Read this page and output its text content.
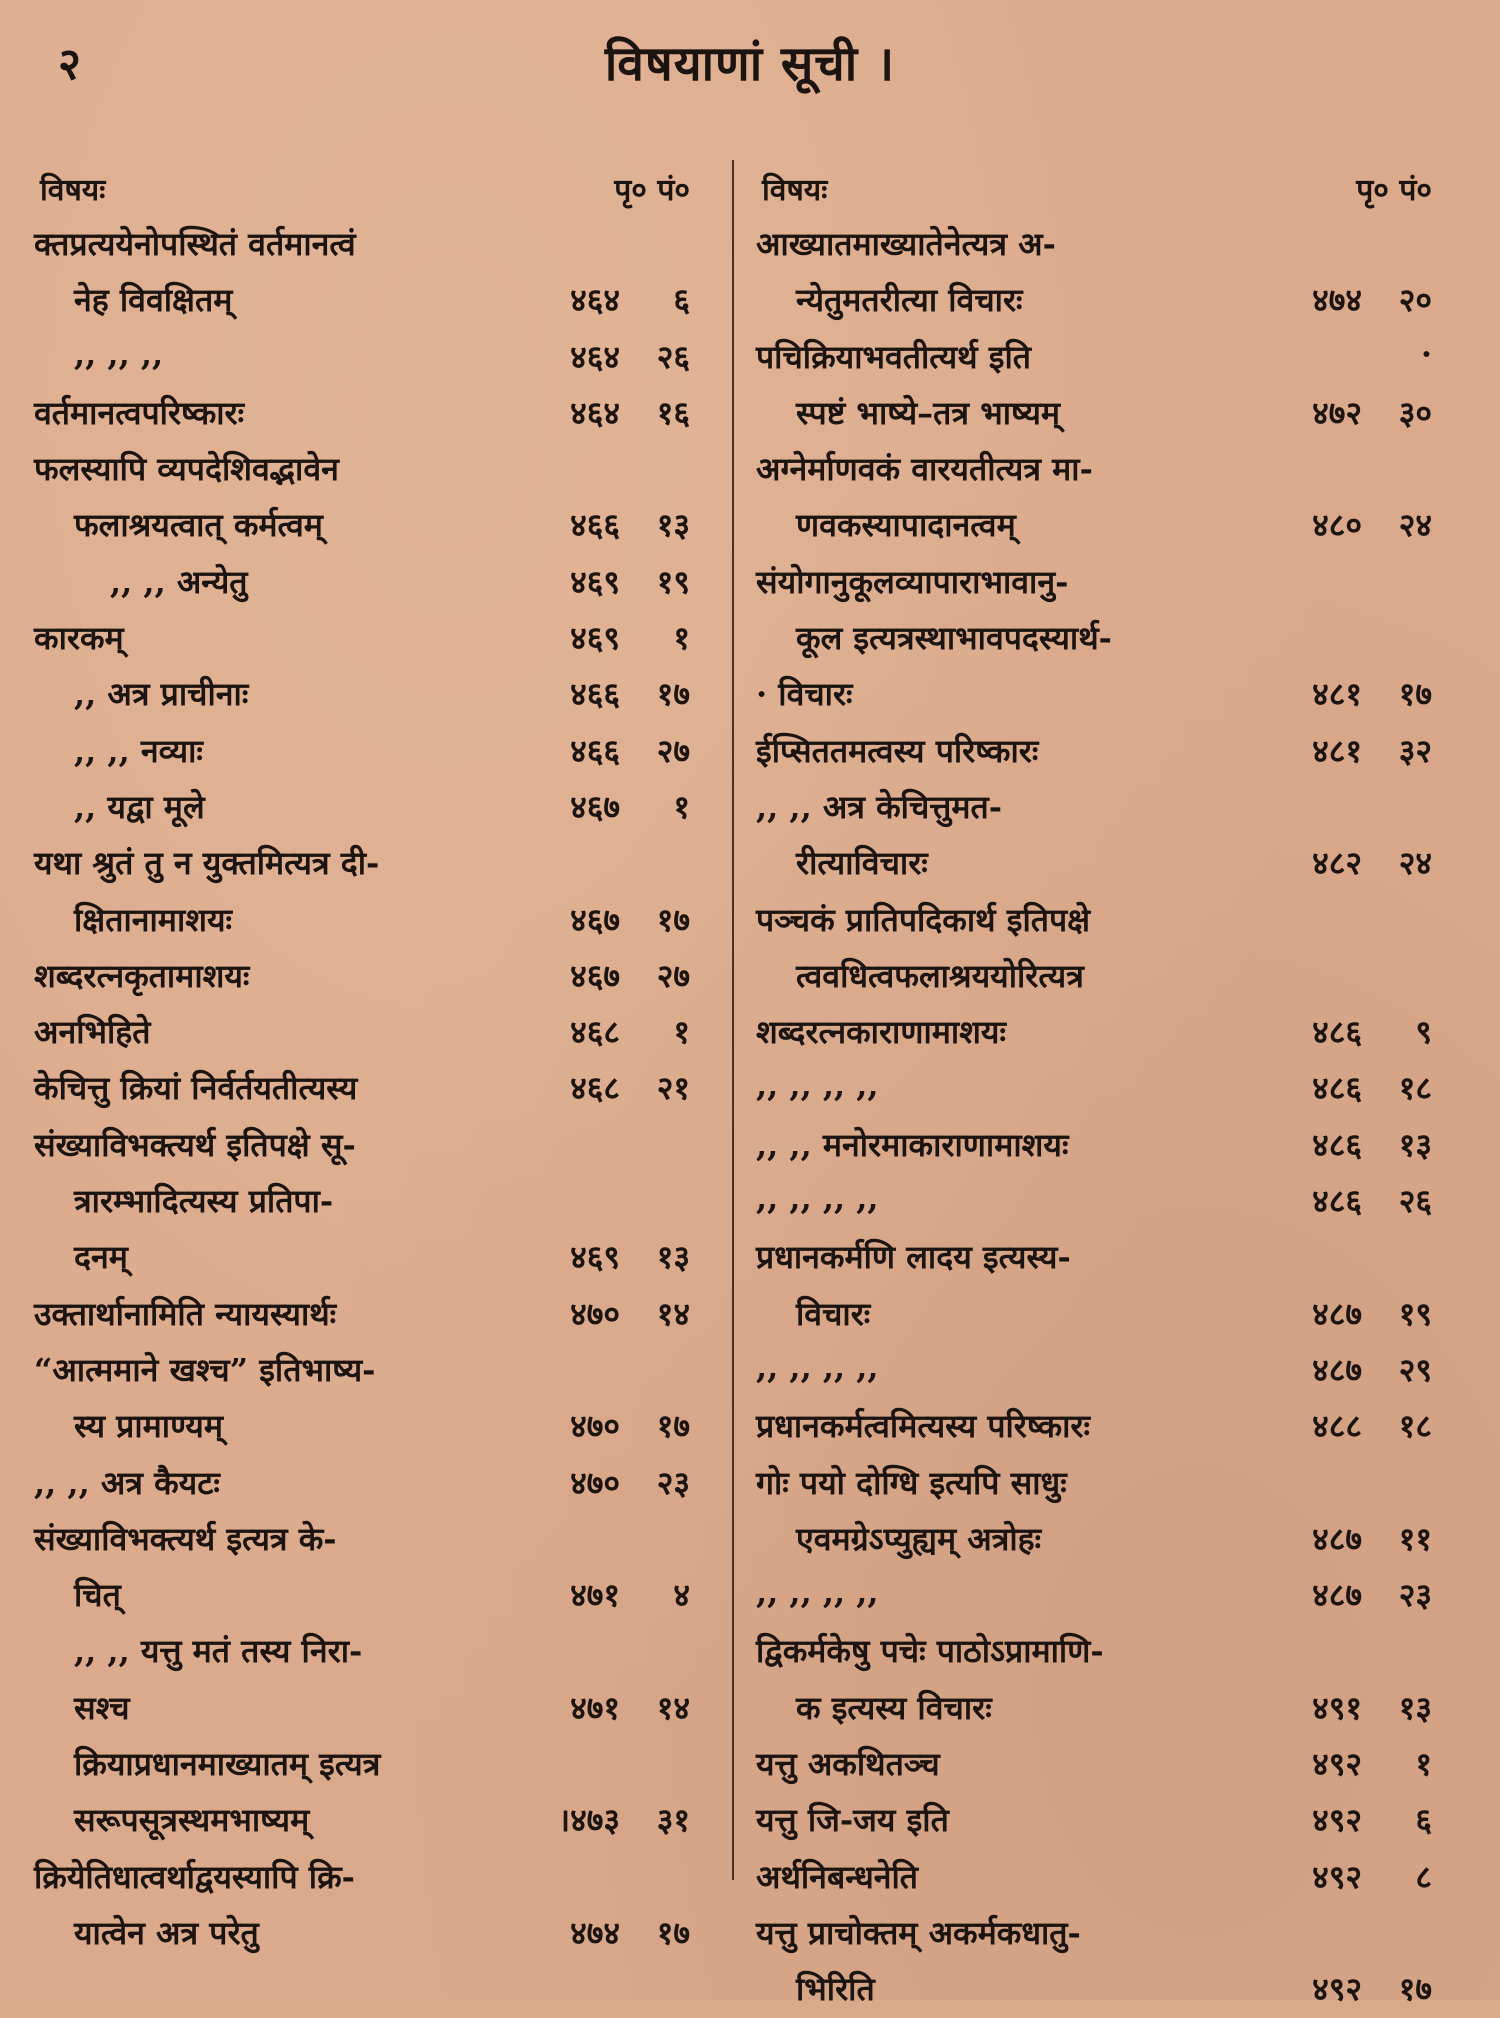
२	विषयाणां सूची ।
विषयः	पृ० पं०
क्तप्रत्ययेनोपस्थितं वर्तमानत्वं
नेह विवक्षितम्	४६४	६
,, ,, ,,	४६४	२६
वर्तमानत्वपरिष्कारः	४६४	१६
फलस्यापि व्यपदेशिवद्भावेन
फलाश्रयत्वात् कर्मत्वम्	४६६	१३
,, ,, अन्येतु	४६९	१९
कारकम्	४६९	१
,, अत्र प्राचीनाः	४६६	१७
,, ,, नव्याः	४६६	२७
,, यद्वा मूले	४६७	१
यथा श्रुतं तु न युक्तमित्यत्र दी-
क्षितानामाशयः	४६७	१७
शब्दरत्नकृतामाशयः	४६७	२७
अनभिहिते	४६८	१
केचित्तु क्रियां निर्वर्तयतीत्यस्य	४६८	२१
संख्याविभक्त्यर्थ इतिपक्षे सू-
त्रारम्भादित्यस्य प्रतिपा-
दनम्	४६९	१३
उक्तार्थानामिति न्यायस्यार्थः	४७०	१४
“आत्ममाने खश्च” इतिभाष्य-
स्य प्रामाण्यम्	४७०	१७
,, ,, अत्र कैयटः	४७०	२३
संख्याविभक्त्यर्थ इत्यत्र के-
चित्	४७१	४
,, ,, यत्तु मतं तस्य निरा-
सश्च	४७१	१४
क्रियाप्रधानमाख्यातम् इत्यत्र
सरूपसूत्रस्थमभाष्यम्	।४७३	३१
क्रियेतिधात्वर्थाद्वयस्यापि क्रि-
यात्वेन अत्र परेतु	४७४	१७
विषयः	पृ० पं०
आख्यातमाख्यातेनेत्यत्र अ-
न्येतुमतरीत्या विचारः	४७४	२०
पचिक्रियाभवतीत्यर्थ इति	·
स्पष्टं भाष्ये–तत्र भाष्यम्	४७२	३०
अग्नेर्माणवकं वारयतीत्यत्र मा-
णवकस्यापादानत्वम्	४८०	२४
संयोगानुकूलव्यापाराभावानु-
कूल इत्यत्रस्थाभावपदस्यार्थ-
· विचारः	४८१	१७
ईप्सिततमत्वस्य परिष्कारः	४८१	३२
,, ,, अत्र केचित्तुमत-
रीत्याविचारः	४८२	२४
पञ्चकं प्रातिपदिकार्थ इतिपक्षे
त्ववधित्वफलाश्रययोरित्यत्र
शब्दरत्नकाराणामाशयः	४८६	९
,, ,, ,, ,,	४८६	१८
,, ,, मनोरमाकाराणामाशयः	४८६	१३
,, ,, ,, ,,	४८६	२६
प्रधानकर्मणि लादय इत्यस्य-
विचारः	४८७	१९
,, ,, ,, ,,	४८७	२९
प्रधानकर्मत्वमित्यस्य परिष्कारः	४८८	१८
गोः पयो दोग्धि इत्यपि साधुः
एवमग्रेऽप्युह्यम् अत्रोहः	४८७	११
,, ,, ,, ,,	४८७	२३
द्विकर्मकेषु पचेः पाठोऽप्रामाणि-
क इत्यस्य विचारः	४९१	१३
यत्तु अकथितञ्च	४९२	१
यत्तु जि-जय इति	४९२	६
अर्थनिबन्धनेति	४९२	८
यत्तु प्राचोक्तम् अकर्मकधातु-
भिरिति	४९२	१७
